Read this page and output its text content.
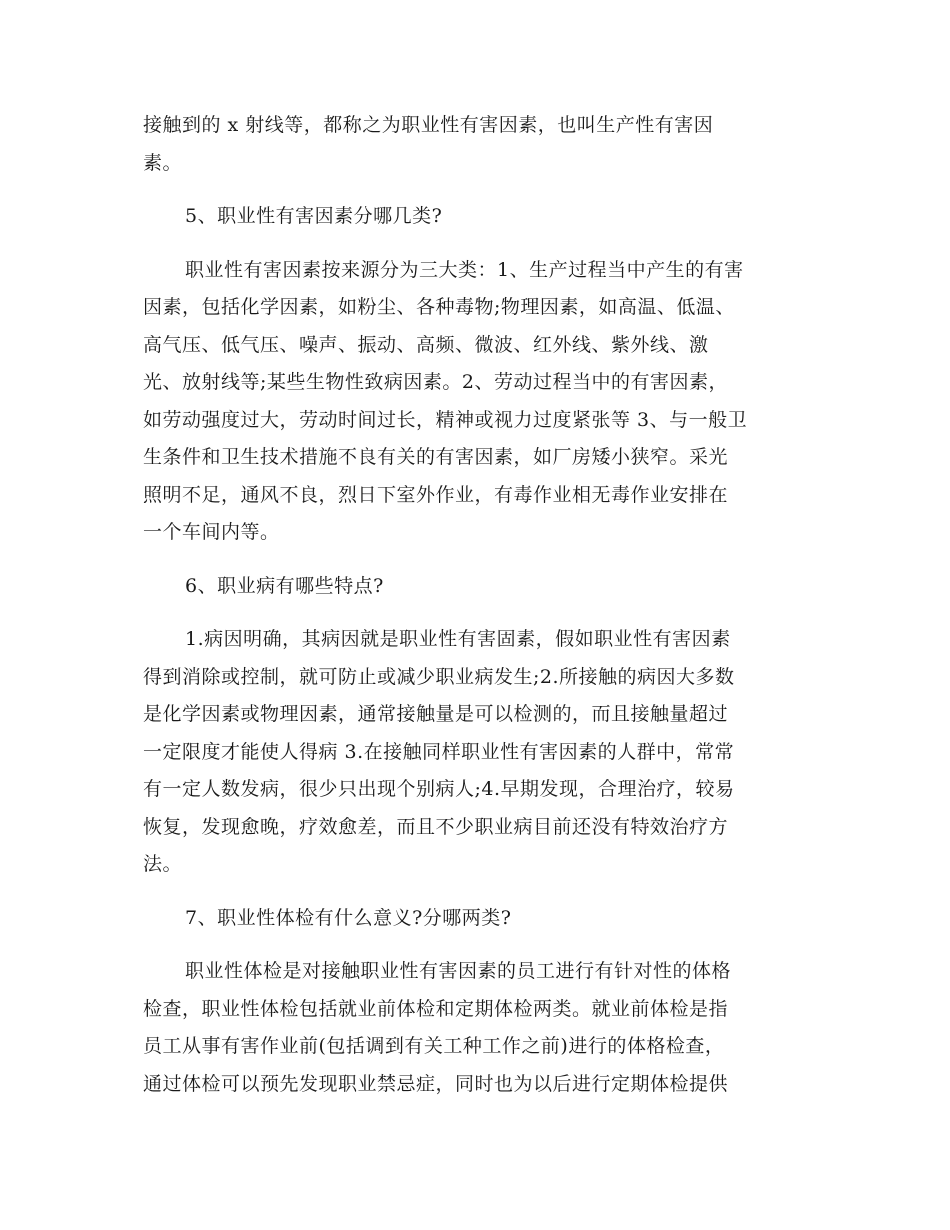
接触到的 x 射线等，都称之为职业性有害因素，也叫生产性有害因
素。
5、职业性有害因素分哪几类?
职业性有害因素按来源分为三大类：1、生产过程当中产生的有害
因素，包括化学因素，如粉尘、各种毒物;物理因素，如高温、低温、
高气压、低气压、噪声、振动、高频、微波、红外线、紫外线、激
光、放射线等;某些生物性致病因素。2、劳动过程当中的有害因素，
如劳动强度过大，劳动时间过长，精神或视力过度紧张等 3、与一般卫
生条件和卫生技术措施不良有关的有害因素，如厂房矮小狭窄。采光
照明不足，通风不良，烈日下室外作业，有毒作业相无毒作业安排在
一个车间内等。
6、职业病有哪些特点?
1.病因明确，其病因就是职业性有害固素，假如职业性有害因素
得到消除或控制，就可防止或减少职业病发生;2.所接触的病因大多数
是化学因素或物理因素，通常接触量是可以检测的，而且接触量超过
一定限度才能使人得病 3.在接触同样职业性有害因素的人群中，常常
有一定人数发病，很少只出现个别病人;4.早期发现，合理治疗，较易
恢复，发现愈晚，疗效愈差，而且不少职业病目前还没有特效治疗方
法。
7、职业性体检有什么意义?分哪两类?
职业性体检是对接触职业性有害因素的员工进行有针对性的体格
检查，职业性体检包括就业前体检和定期体检两类。就业前体检是指
员工从事有害作业前(包括调到有关工种工作之前)进行的体格检查，
通过体检可以预先发现职业禁忌症，同时也为以后进行定期体检提供
